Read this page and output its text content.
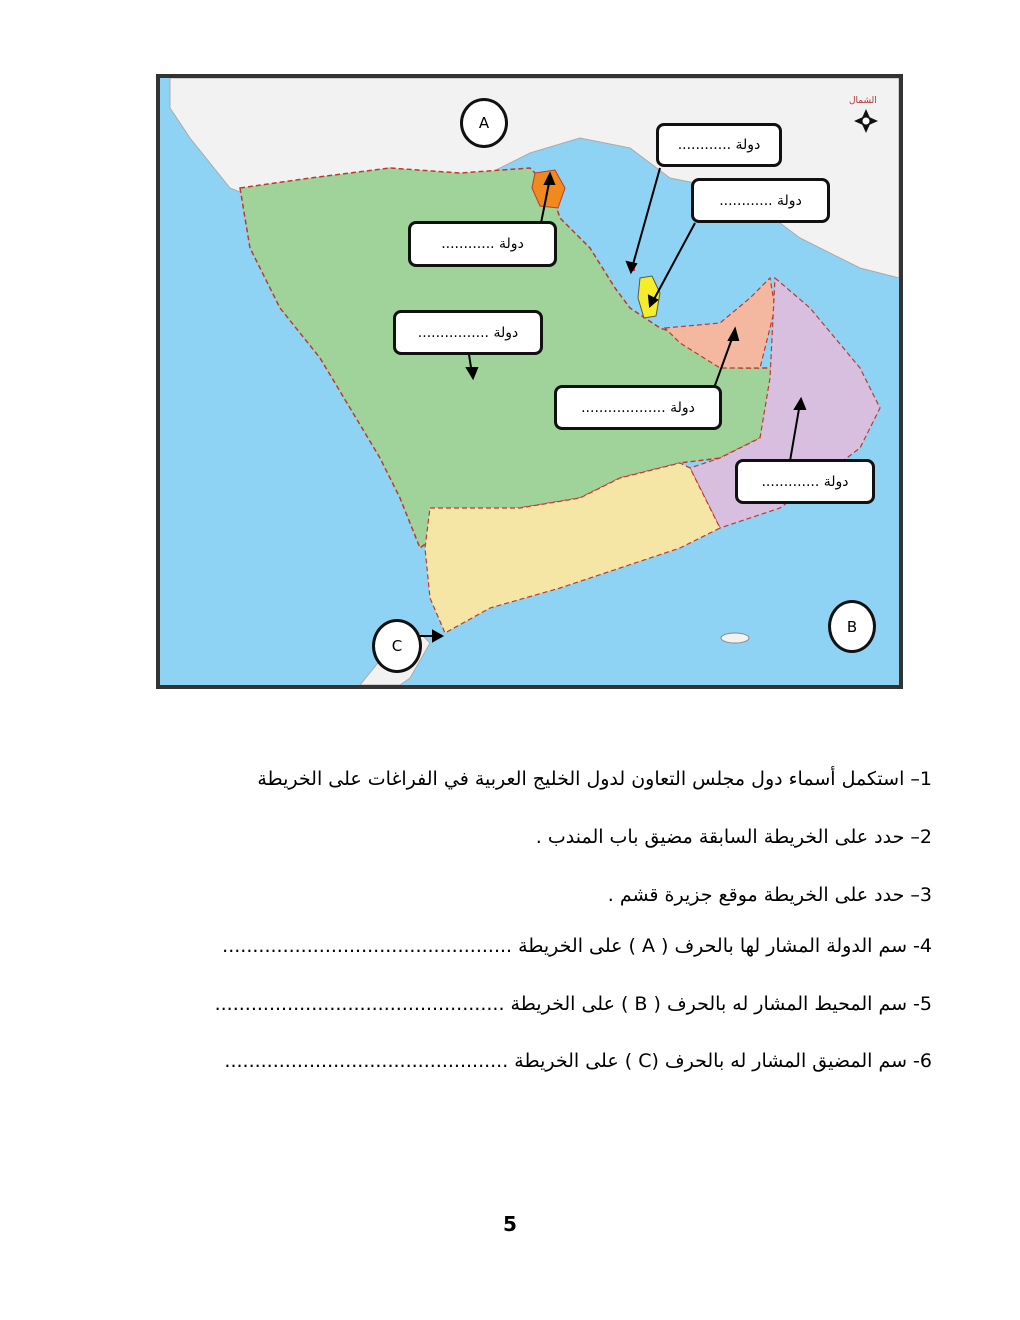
الشمال
دولة ............
دولة ............
دولة ............
دولة ................
دولة ...................
دولة .............
A
B
C
1– استكمل أسماء دول مجلس التعاون لدول الخليج العربية في الفراغات على الخريطة
2– حدد على الخريطة السابقة مضيق باب المندب .
3– حدد على الخريطة موقع جزيرة قشم .
4- سم الدولة المشار لها بالحرف ( A ) على الخريطة ................................................
5- سم المحيط المشار له بالحرف ( B ) على الخريطة ................................................
6- سم المضيق المشار له بالحرف (C ) على الخريطة ...............................................
5
